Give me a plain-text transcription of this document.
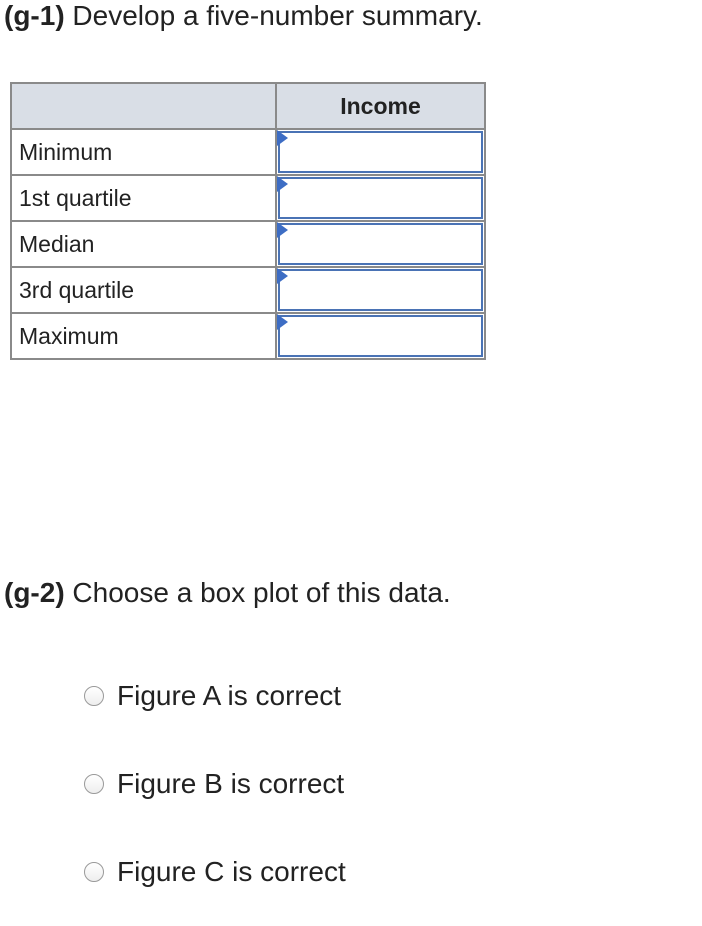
(g-1) Develop a five-number summary.
	Income
Minimum	

1st quartile	

Median	

3rd quartile	

Maximum	
(g-2) Choose a box plot of this data.
Figure A is correct
Figure B is correct
Figure C is correct
